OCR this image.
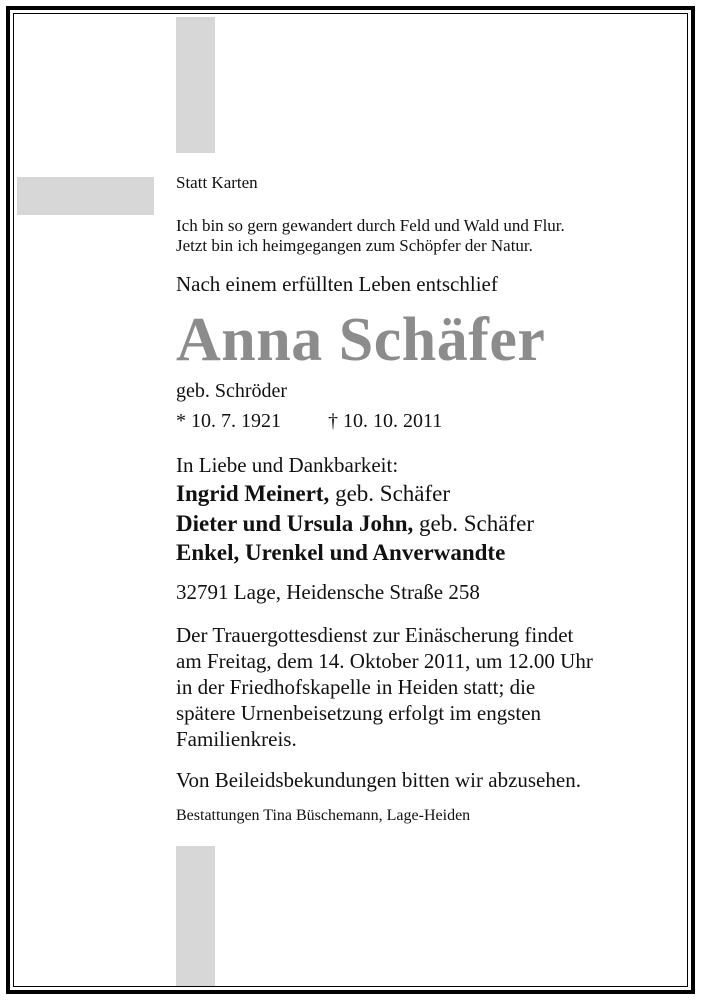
Statt Karten

Ich bin so gern gewandert durch Feld und Wald und Flur.

Jetzt bin ich heimgegangen zum Schöpfer der Natur.

Nach einem erfüllten Leben entschlief

Anna Schäfer

geb. Schröder

* 10. 7. 1921 † 10. 10. 2011

In Liebe und Dankbarkeit:

Ingrid Meinert, geb. Schäfer

Dieter und Ursula John, geb. Schäfer

Enkel, Urenkel und Anverwandte

32791 Lage, Heidensche Straße 258

Der Trauergottesdienst zur Einäscherung findet

am Freitag, dem 14. Oktober 2011, um 12.00 Uhr

in der Friedhofskapelle in Heiden statt; die

spätere Urnenbeisetzung erfolgt im engsten

Familienkreis.

Von Beileidsbekundungen bitten wir abzusehen.

Bestattungen Tina Büschemann, Lage-Heiden
